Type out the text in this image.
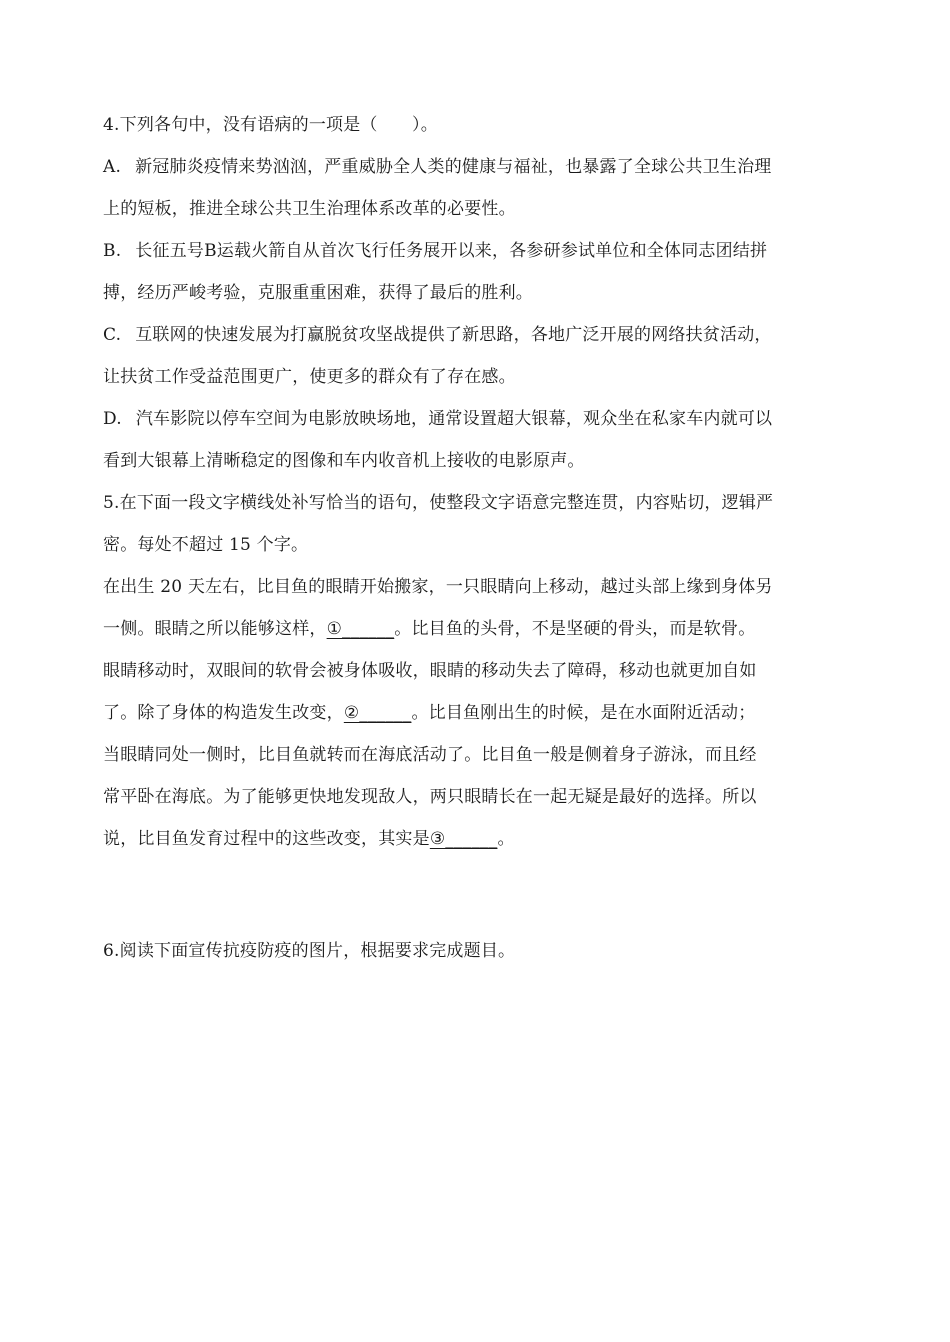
4.下列各句中，没有语病的一项是（　　）。
A. 新冠肺炎疫情来势汹汹，严重威胁全人类的健康与福祉，也暴露了全球公共卫生治理
上的短板，推进全球公共卫生治理体系改革的必要性。
B. 长征五号B运载火箭自从首次飞行任务展开以来，各参研参试单位和全体同志团结拼
搏，经历严峻考验，克服重重困难，获得了最后的胜利。
C. 互联网的快速发展为打赢脱贫攻坚战提供了新思路，各地广泛开展的网络扶贫活动，
让扶贫工作受益范围更广，使更多的群众有了存在感。
D. 汽车影院以停车空间为电影放映场地，通常设置超大银幕，观众坐在私家车内就可以
看到大银幕上清晰稳定的图像和车内收音机上接收的电影原声。
5.在下面一段文字横线处补写恰当的语句，使整段文字语意完整连贯，内容贴切，逻辑严
密。每处不超过 15 个字。
在出生 20 天左右，比目鱼的眼睛开始搬家，一只眼睛向上移动，越过头部上缘到身体另
一侧。眼睛之所以能够这样，①______。比目鱼的头骨，不是坚硬的骨头，而是软骨。
眼睛移动时，双眼间的软骨会被身体吸收，眼睛的移动失去了障碍，移动也就更加自如
了。除了身体的构造发生改变，②______。比目鱼刚出生的时候，是在水面附近活动；
当眼睛同处一侧时，比目鱼就转而在海底活动了。比目鱼一般是侧着身子游泳，而且经
常平卧在海底。为了能够更快地发现敌人，两只眼睛长在一起无疑是最好的选择。所以
说，比目鱼发育过程中的这些改变，其实是③______。
6.阅读下面宣传抗疫防疫的图片，根据要求完成题目。
